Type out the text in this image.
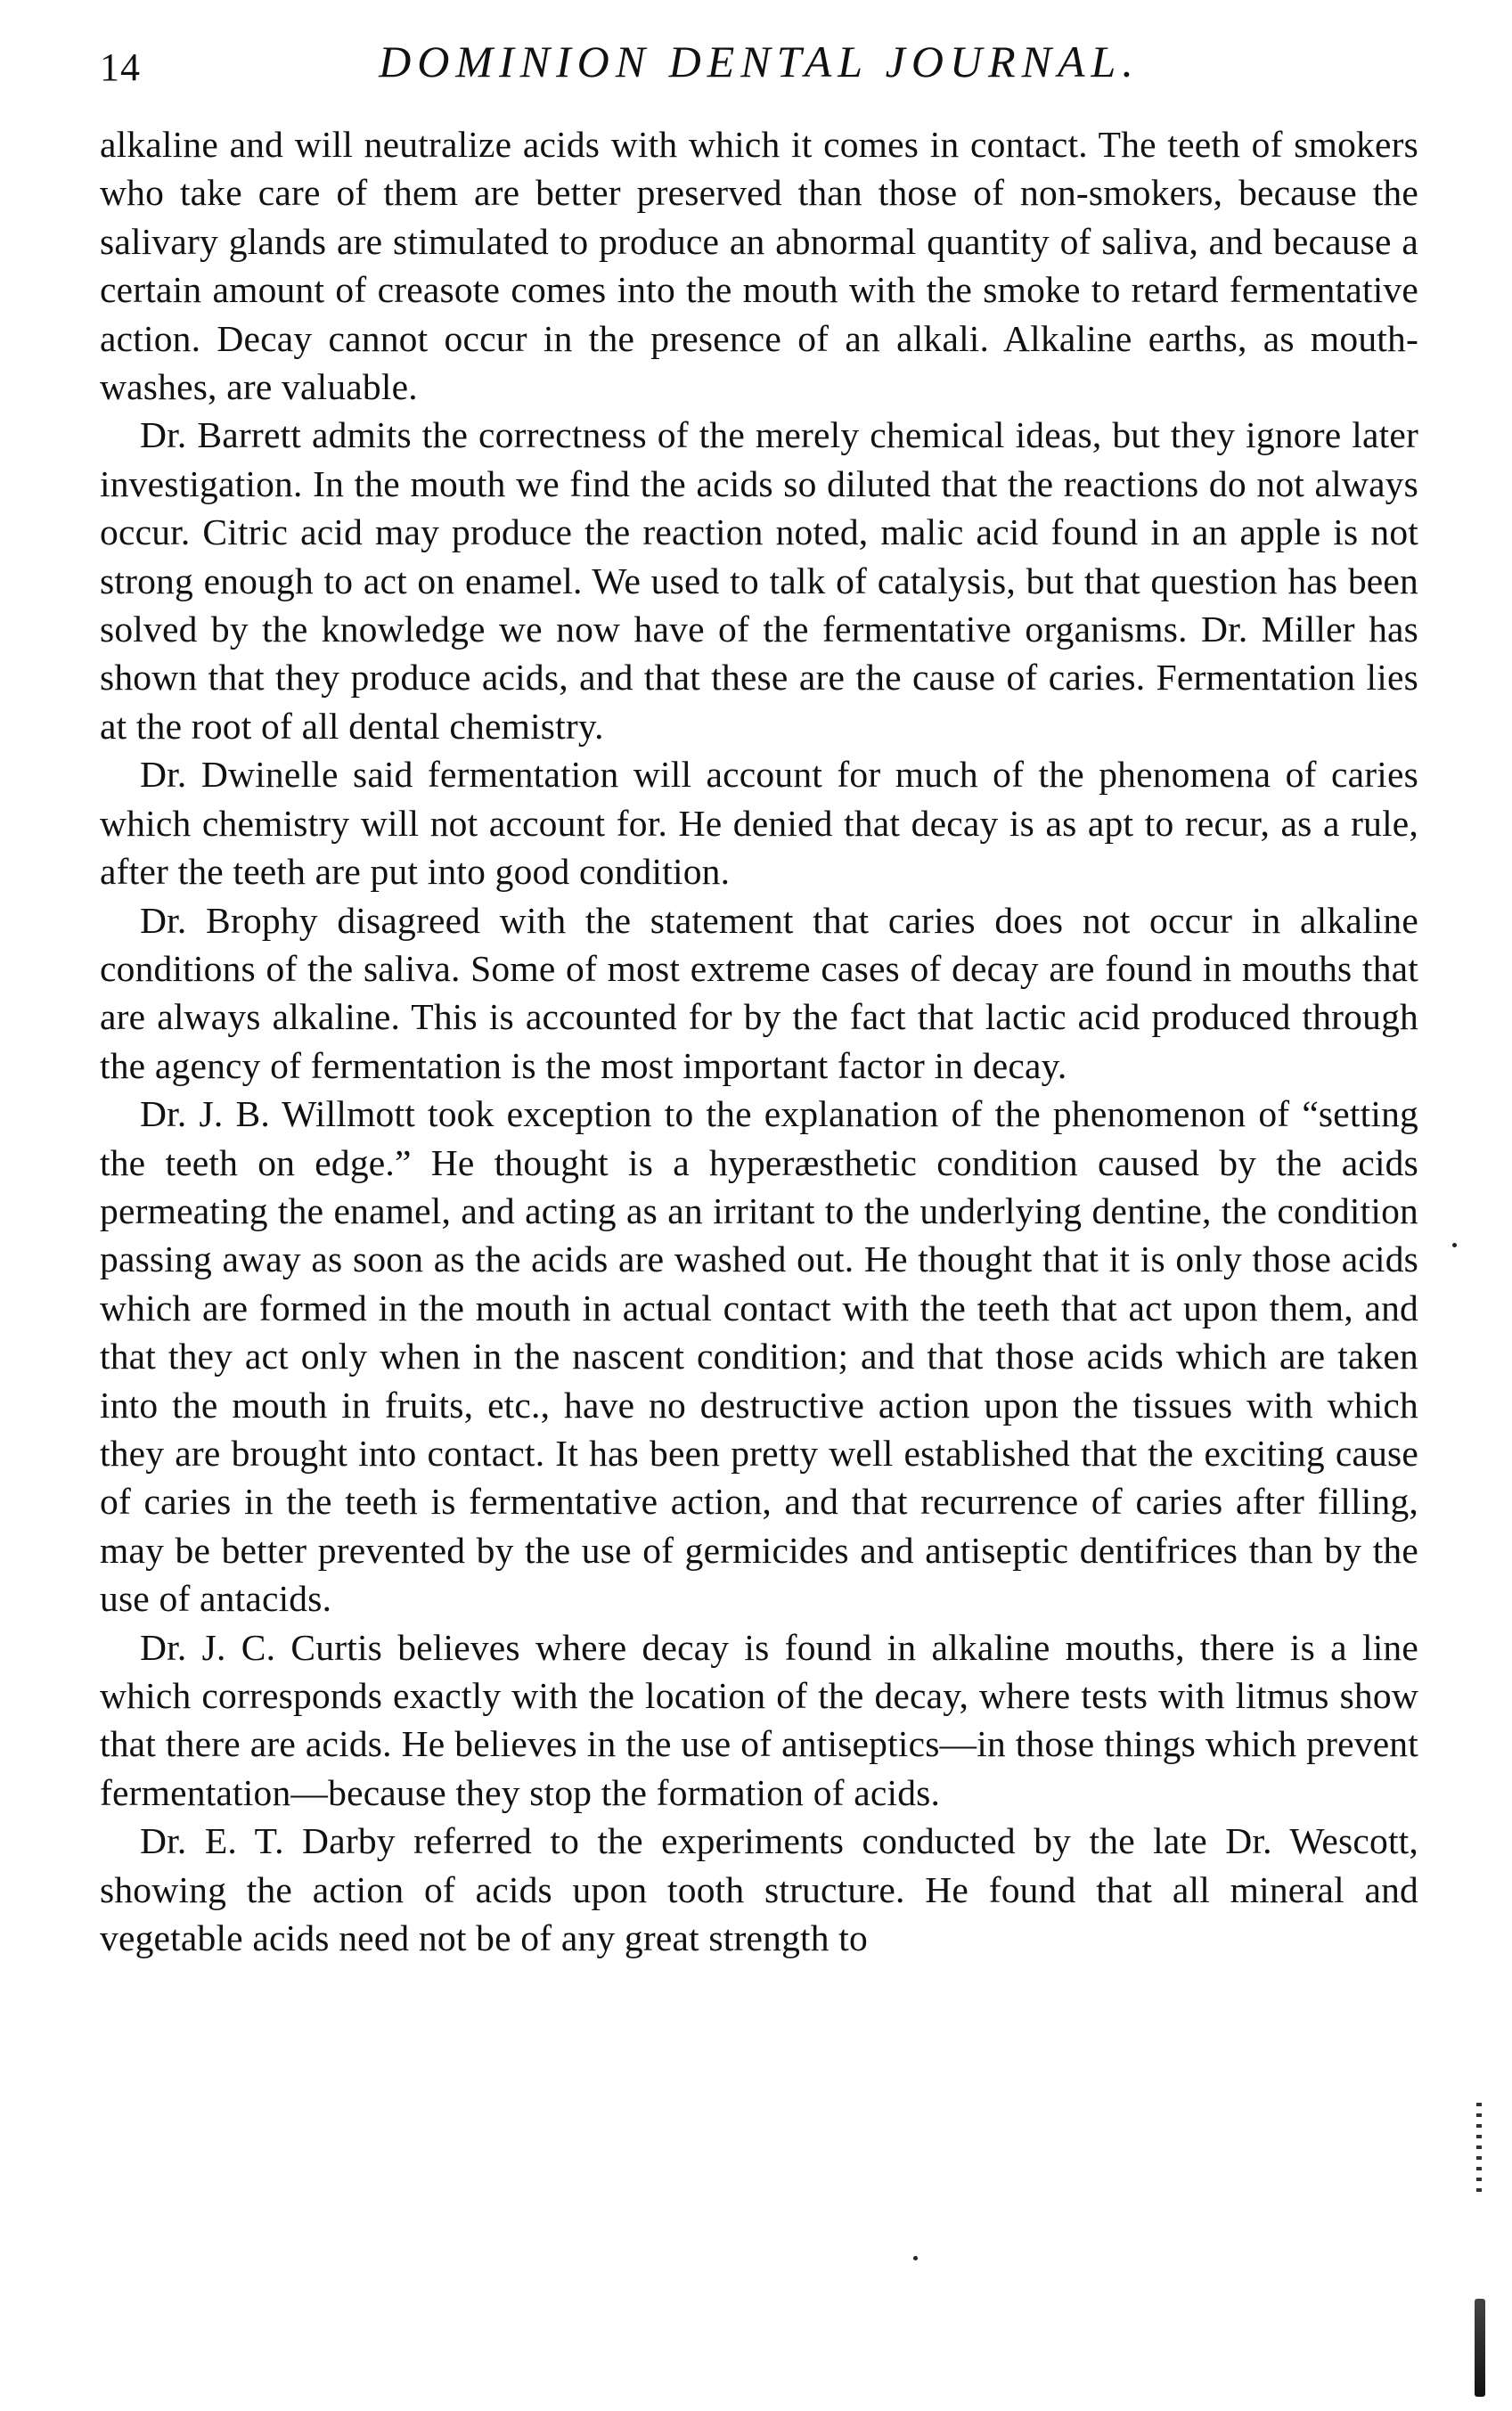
14	DOMINION DENTAL JOURNAL.

alkaline and will neutralize acids with which it comes in contact. The teeth of smokers who take care of them are better preserved than those of non-smokers, because the salivary glands are stimulated to produce an abnormal quantity of saliva, and because a certain amount of creasote comes into the mouth with the smoke to retard fermentative action. Decay cannot occur in the presence of an alkali. Alkaline earths, as mouth-washes, are valuable.

Dr. Barrett admits the correctness of the merely chemical ideas, but they ignore later investigation. In the mouth we find the acids so diluted that the reactions do not always occur. Citric acid may produce the reaction noted, malic acid found in an apple is not strong enough to act on enamel. We used to talk of catalysis, but that question has been solved by the knowledge we now have of the fermentative organisms. Dr. Miller has shown that they produce acids, and that these are the cause of caries. Fermentation lies at the root of all dental chemistry.

Dr. Dwinelle said fermentation will account for much of the phenomena of caries which chemistry will not account for. He denied that decay is as apt to recur, as a rule, after the teeth are put into good condition.

Dr. Brophy disagreed with the statement that caries does not occur in alkaline conditions of the saliva. Some of most extreme cases of decay are found in mouths that are always alkaline. This is accounted for by the fact that lactic acid produced through the agency of fermentation is the most important factor in decay.

Dr. J. B. Willmott took exception to the explanation of the phenomenon of “setting the teeth on edge.” He thought is a hyperæsthetic condition caused by the acids permeating the enamel, and acting as an irritant to the underlying dentine, the condition passing away as soon as the acids are washed out. He thought that it is only those acids which are formed in the mouth in actual contact with the teeth that act upon them, and that they act only when in the nascent condition; and that those acids which are taken into the mouth in fruits, etc., have no destructive action upon the tissues with which they are brought into contact. It has been pretty well established that the exciting cause of caries in the teeth is fermentative action, and that recurrence of caries after filling, may be better prevented by the use of germicides and antiseptic dentifrices than by the use of antacids.

Dr. J. C. Curtis believes where decay is found in alkaline mouths, there is a line which corresponds exactly with the location of the decay, where tests with litmus show that there are acids. He believes in the use of antiseptics—in those things which prevent fermentation—because they stop the formation of acids.

Dr. E. T. Darby referred to the experiments conducted by the late Dr. Wescott, showing the action of acids upon tooth structure. He found that all mineral and vegetable acids need not be of any great strength to
